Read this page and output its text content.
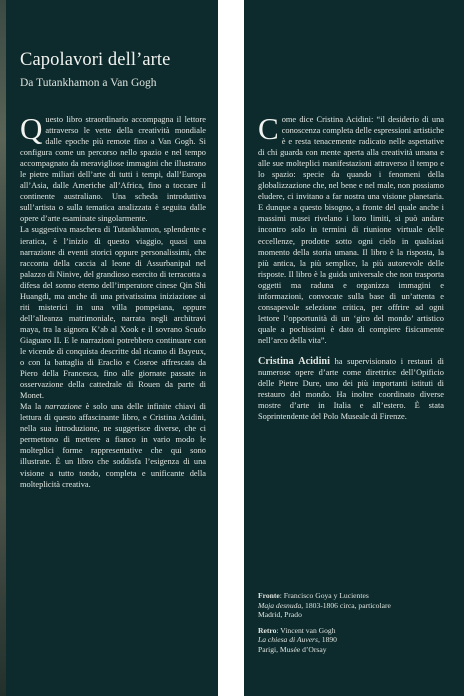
Capolavori dell’arte
Da Tutankhamon a Van Gogh

Questo libro straordinario accompagna il lettore attraverso le vette della creatività mondiale dalle epoche più remote fino a Van Gogh. Si configura come un percorso nello spazio e nel tempo accompagnato da meravigliose immagini che illustrano le pietre miliari dell’arte di tutti i tempi, dall’Europa all’Asia, dalle Americhe all’Africa, fino a toccare il continente australiano. Una scheda introduttiva sull’artista o sulla tematica analizzata è seguita dalle opere d’arte esaminate singolarmente.

La suggestiva maschera di Tutankhamon, splendente e ieratica, è l’inizio di questo viaggio, quasi una narrazione di eventi storici oppure personalissimi, che racconta della caccia al leone di Assurbanipal nel palazzo di Ninive, del grandioso esercito di terracotta a difesa del sonno eterno dell’imperatore cinese Qin Shi Huangdi, ma anche di una privatissima iniziazione ai riti misterici in una villa pompeiana, oppure dell’alleanza matrimoniale, narrata negli architravi maya, tra la signora K’ab al Xook e il sovrano Scudo Giaguaro II. E le narrazioni potrebbero continuare con le vicende di conquista descritte dal ricamo di Bayeux, o con la battaglia di Eraclio e Cosroe affrescata da Piero della Francesca, fino alle giornate passate in osservazione della cattedrale di Rouen da parte di Monet.

Ma la narrazione è solo una delle infinite chiavi di lettura di questo affascinante libro, e Cristina Acidini, nella sua introduzione, ne suggerisce diverse, che ci permettono di mettere a fianco in vario modo le molteplici forme rappresentative che qui sono illustrate. È un libro che soddisfa l’esigenza di una visione a tutto tondo, completa e unificante della molteplicità creativa.

Come dice Cristina Acidini: “il desiderio di una conoscenza completa delle espressioni artistiche è e resta tenacemente radicato nelle aspettative di chi guarda con mente aperta alla creatività umana e alle sue molteplici manifestazioni attraverso il tempo e lo spazio: specie da quando i fenomeni della globalizzazione che, nel bene e nel male, non possiamo eludere, ci invitano a far nostra una visione planetaria. E dunque a questo bisogno, a fronte del quale anche i massimi musei rivelano i loro limiti, si può andare incontro solo in termini di riunione virtuale delle eccellenze, prodotte sotto ogni cielo in qualsiasi momento della storia umana. Il libro è la risposta, la più antica, la più semplice, la più autorevole delle risposte. Il libro è la guida universale che non trasporta oggetti ma raduna e organizza immagini e informazioni, convocate sulla base di un’attenta e consapevole selezione critica, per offrire ad ogni lettore l’opportunità di un ‘giro del mondo’ artistico quale a pochissimi è dato di compiere fisicamente nell’arco della vita”.

Cristina Acidini ha supervisionato i restauri di numerose opere d’arte come direttrice dell’Opificio delle Pietre Dure, uno dei più importanti istituti di restauro del mondo. Ha inoltre coordinato diverse mostre d’arte in Italia e all’estero. È stata Soprintendente del Polo Museale di Firenze.

Fronte: Francisco Goya y Lucientes

Maja desnuda, 1803-1806 circa, particolare

Madrid, Prado

Retro: Vincent van Gogh

La chiesa di Auvers, 1890

Parigi, Musée d’Orsay
